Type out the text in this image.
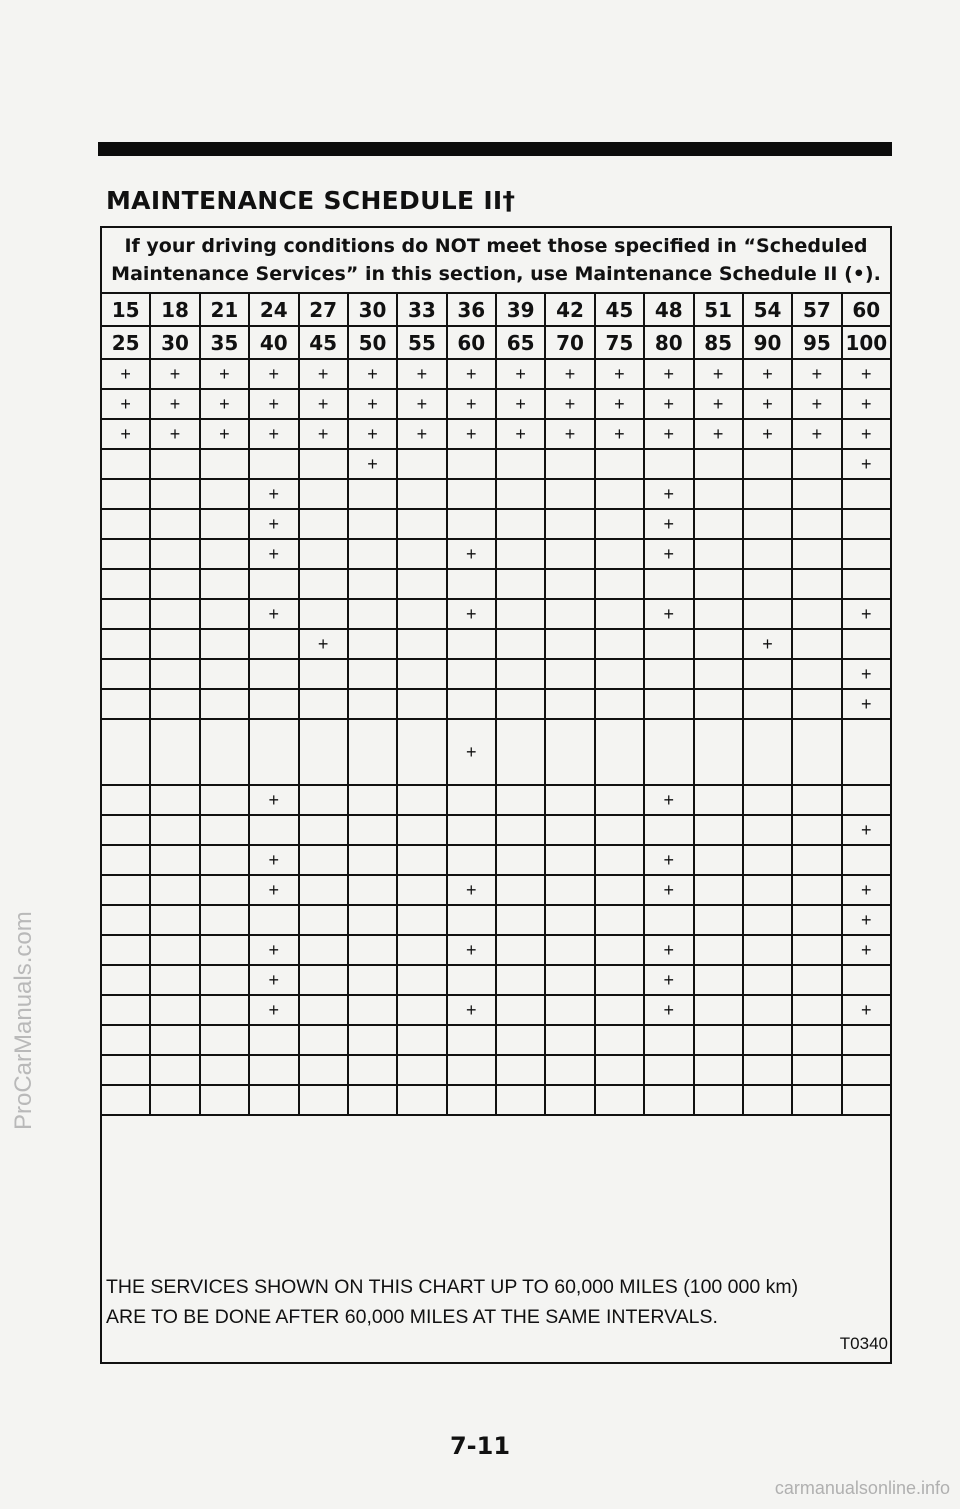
MAINTENANCE SCHEDULE II†
If your driving conditions do NOT meet those specified in “Scheduled
Maintenance Services” in this section, use Maintenance Schedule II (•).
15	18	21	24	27	30	33	36	39	42	45	48	51	54	57	60
25	30	35	40	45	50	55	60	65	70	75	80	85	90	95	100
+	+	+	+	+	+	+	+	+	+	+	+	+	+	+	+
+	+	+	+	+	+	+	+	+	+	+	+	+	+	+	+
+	+	+	+	+	+	+	+	+	+	+	+	+	+	+	+
					+										+
			+								+				
			+								+				
			+				+				+				

			+				+				+				+
				+									+		
															+
															+
							+								
			+								+				
															+
			+								+				
			+				+				+				+
															+
			+				+				+				+
			+								+				
			+				+				+				+

THE SERVICES SHOWN ON THIS CHART UP TO 60,000 MILES (100 000 km)
ARE TO BE DONE AFTER 60,000 MILES AT THE SAME INTERVALS.
T0340
7-11
ProCarManuals.com
carmanualsonline.info
